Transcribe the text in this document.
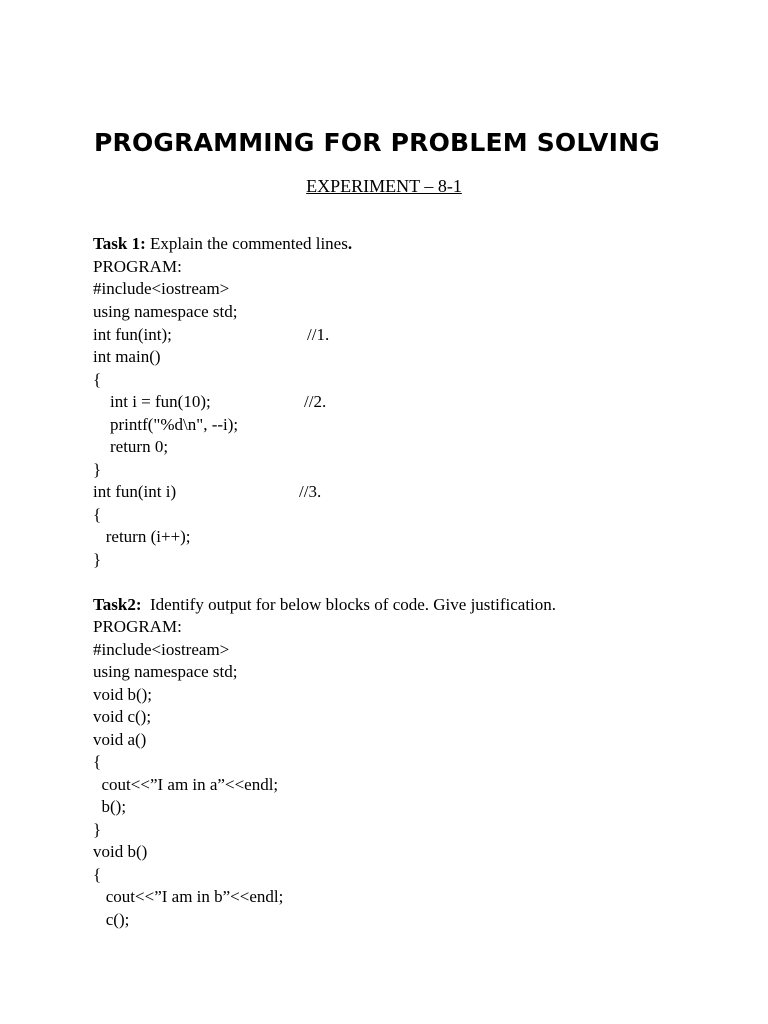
PROGRAMMING FOR PROBLEM SOLVING
EXPERIMENT – 8-1
Task 1: Explain the commented lines.
PROGRAM:
#include<iostream>
using namespace std;
int fun(int);	//1.
int main()
{
int i = fun(10);	//2.
printf("%d\n", --i);
return 0;
}
int fun(int i)	//3.
{
return (i++);
}
Task2:  Identify output for below blocks of code. Give justification.
PROGRAM:
#include<iostream>
using namespace std;
void b();
void c();
void a()
{
cout<<”I am in a”<<endl;
b();
}
void b()
{
cout<<”I am in b”<<endl;
c();
